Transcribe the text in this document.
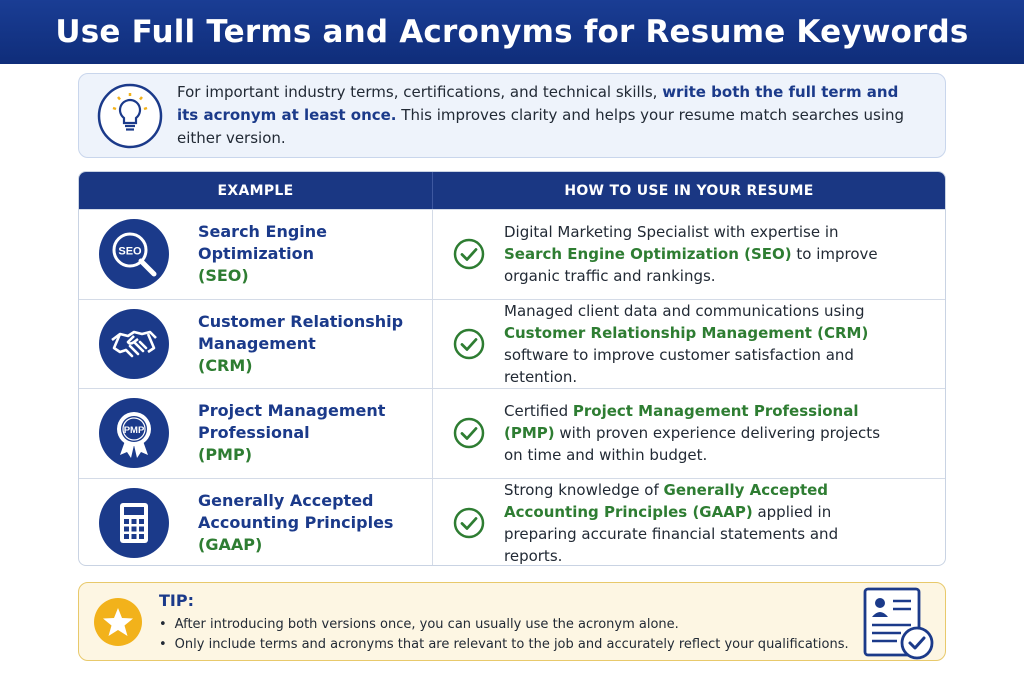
Use Full Terms and Acronyms for Resume Keywords

For important industry terms, certifications, and technical skills, write both the full term and its acronym at least once. This improves clarity and helps your resume match searches using either version.

EXAMPLE	HOW TO USE IN YOUR RESUME
SEO
Search Engine Optimization
(SEO)
Digital Marketing Specialist with expertise in Search Engine Optimization (SEO) to improve organic traffic and rankings.
Customer Relationship Management
(CRM)
Managed client data and communications using Customer Relationship Management (CRM) software to improve customer satisfaction and retention.
PMP
Project Management Professional
(PMP)
Certified Project Management Professional (PMP) with proven experience delivering projects on time and within budget.
Generally Accepted Accounting Principles
(GAAP)
Strong knowledge of Generally Accepted Accounting Principles (GAAP) applied in preparing accurate financial statements and reports.
TIP:
• After introducing both versions once, you can usually use the acronym alone.
• Only include terms and acronyms that are relevant to the job and accurately reflect your qualifications.
